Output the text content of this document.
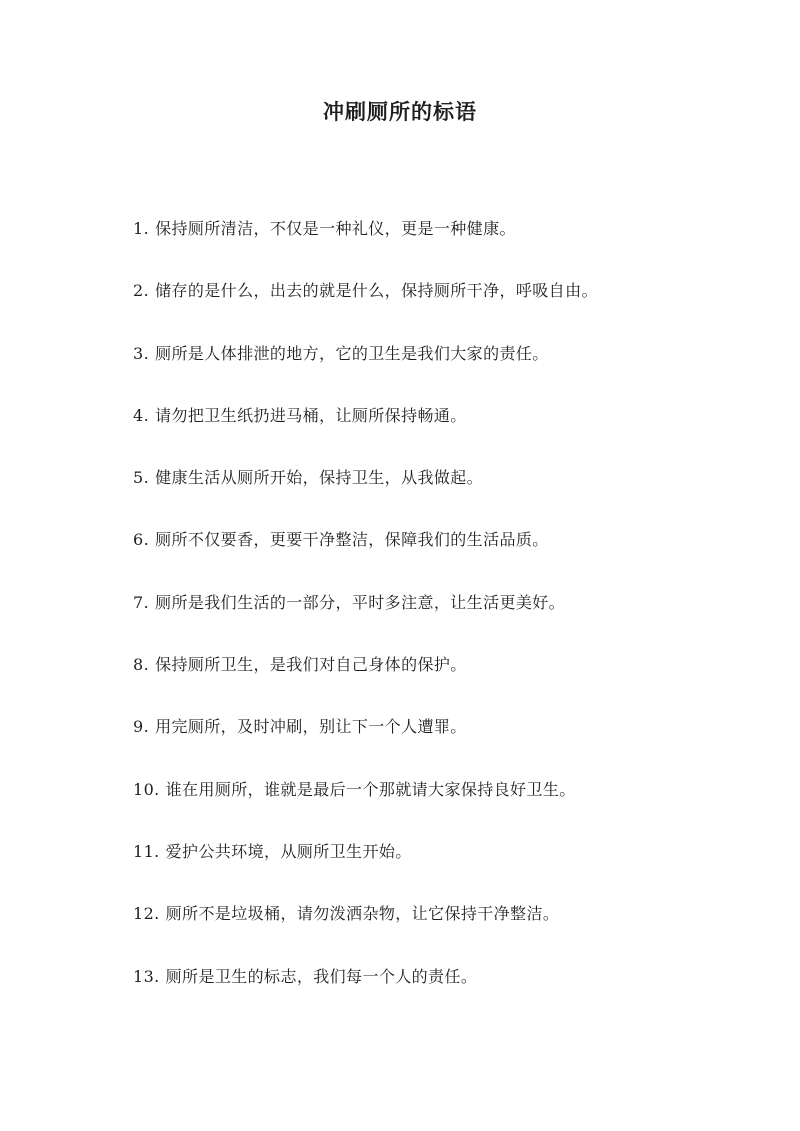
冲刷厕所的标语
1. 保持厕所清洁，不仅是一种礼仪，更是一种健康。
2. 储存的是什么，出去的就是什么，保持厕所干净，呼吸自由。
3. 厕所是人体排泄的地方，它的卫生是我们大家的责任。
4. 请勿把卫生纸扔进马桶，让厕所保持畅通。
5. 健康生活从厕所开始，保持卫生，从我做起。
6. 厕所不仅要香，更要干净整洁，保障我们的生活品质。
7. 厕所是我们生活的一部分，平时多注意，让生活更美好。
8. 保持厕所卫生，是我们对自己身体的保护。
9. 用完厕所，及时冲刷，别让下一个人遭罪。
10. 谁在用厕所，谁就是最后一个那就请大家保持良好卫生。
11. 爱护公共环境，从厕所卫生开始。
12. 厕所不是垃圾桶，请勿泼洒杂物，让它保持干净整洁。
13. 厕所是卫生的标志，我们每一个人的责任。
